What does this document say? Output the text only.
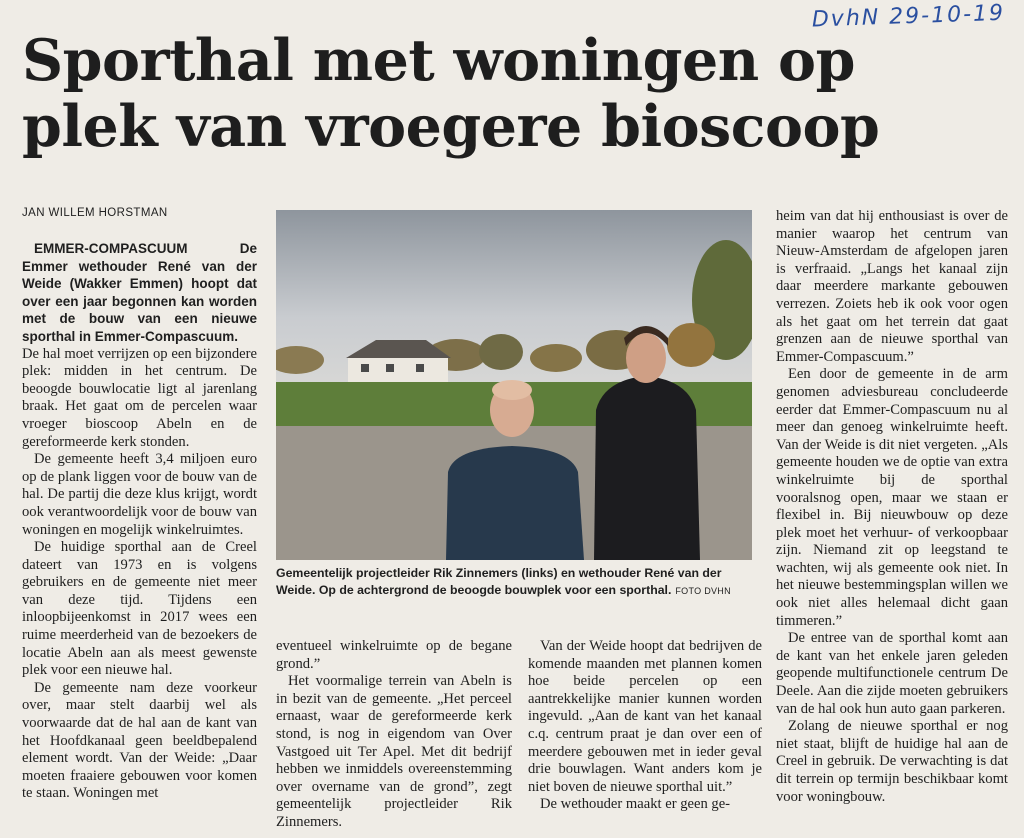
DvhN 29-10-19
Sporthal met woningen op
plek van vroegere bioscoop
JAN WILLEM HORSTMAN

EMMER-COMPASCUUM De Emmer wethouder René van der Weide (Wakker Emmen) hoopt dat over een jaar begonnen kan worden met de bouw van een nieuwe sporthal in Emmer-Compascuum.

De hal moet verrijzen op een bijzondere plek: midden in het centrum. De beoogde bouwlocatie ligt al jarenlang braak. Het gaat om de percelen waar vroeger bioscoop Abeln en de gereformeerde kerk stonden.

De gemeente heeft 3,4 miljoen euro op de plank liggen voor de bouw van de hal. De partij die deze klus krijgt, wordt ook verantwoordelijk voor de bouw van woningen en mogelijk winkelruimtes.

De huidige sporthal aan de Creel dateert van 1973 en is volgens gebruikers en de gemeente niet meer van deze tijd. Tijdens een inloopbijeenkomst in 2017 wees een ruime meerderheid van de bezoekers de locatie Abeln aan als meest gewenste plek voor een nieuwe hal.

De gemeente nam deze voorkeur over, maar stelt daarbij wel als voorwaarde dat de hal aan de kant van het Hoofdkanaal geen beeldbepalend element wordt. Van der Weide: „Daar moeten fraaiere gebouwen voor komen te staan. Woningen met

Gemeentelijk projectleider Rik Zinnemers (links) en wethouder René van der Weide. Op de achtergrond de beoogde bouwplek voor een sporthal. FOTO DVHN

eventueel winkelruimte op de begane grond.”

Het voormalige terrein van Abeln is in bezit van de gemeente. „Het perceel ernaast, waar de gereformeerde kerk stond, is nog in eigendom van Over Vastgoed uit Ter Apel. Met dit bedrijf hebben we inmiddels overeenstemming over overname van de grond”, zegt gemeentelijk projectleider Rik Zinnemers.

Van der Weide hoopt dat bedrijven de komende maanden met plannen komen hoe beide percelen op een aantrekkelijke manier kunnen worden ingevuld. „Aan de kant van het kanaal c.q. centrum praat je dan over een of meerdere gebouwen met in ieder geval drie bouwlagen. Want anders kom je niet boven de nieuwe sporthal uit.”

De wethouder maakt er geen ge-

heim van dat hij enthousiast is over de manier waarop het centrum van Nieuw-Amsterdam de afgelopen jaren is verfraaid. „Langs het kanaal zijn daar meerdere markante gebouwen verrezen. Zoiets heb ik ook voor ogen als het gaat om het terrein dat gaat grenzen aan de nieuwe sporthal van Emmer-Compascuum.”

Een door de gemeente in de arm genomen adviesbureau concludeerde eerder dat Emmer-Compascuum nu al meer dan genoeg winkelruimte heeft. Van der Weide is dit niet vergeten. „Als gemeente houden we de optie van extra winkelruimte bij de sporthal vooralsnog open, maar we staan er flexibel in. Bij nieuwbouw op deze plek moet het verhuur- of verkoopbaar zijn. Niemand zit op leegstand te wachten, wij als gemeente ook niet. In het nieuwe bestemmingsplan willen we ook niet alles helemaal dicht gaan timmeren.”

De entree van de sporthal komt aan de kant van het enkele jaren geleden geopende multifunctionele centrum De Deele. Aan die zijde moeten gebruikers van de hal ook hun auto gaan parkeren.

Zolang de nieuwe sporthal er nog niet staat, blijft de huidige hal aan de Creel in gebruik. De verwachting is dat dit terrein op termijn beschikbaar komt voor woningbouw.
